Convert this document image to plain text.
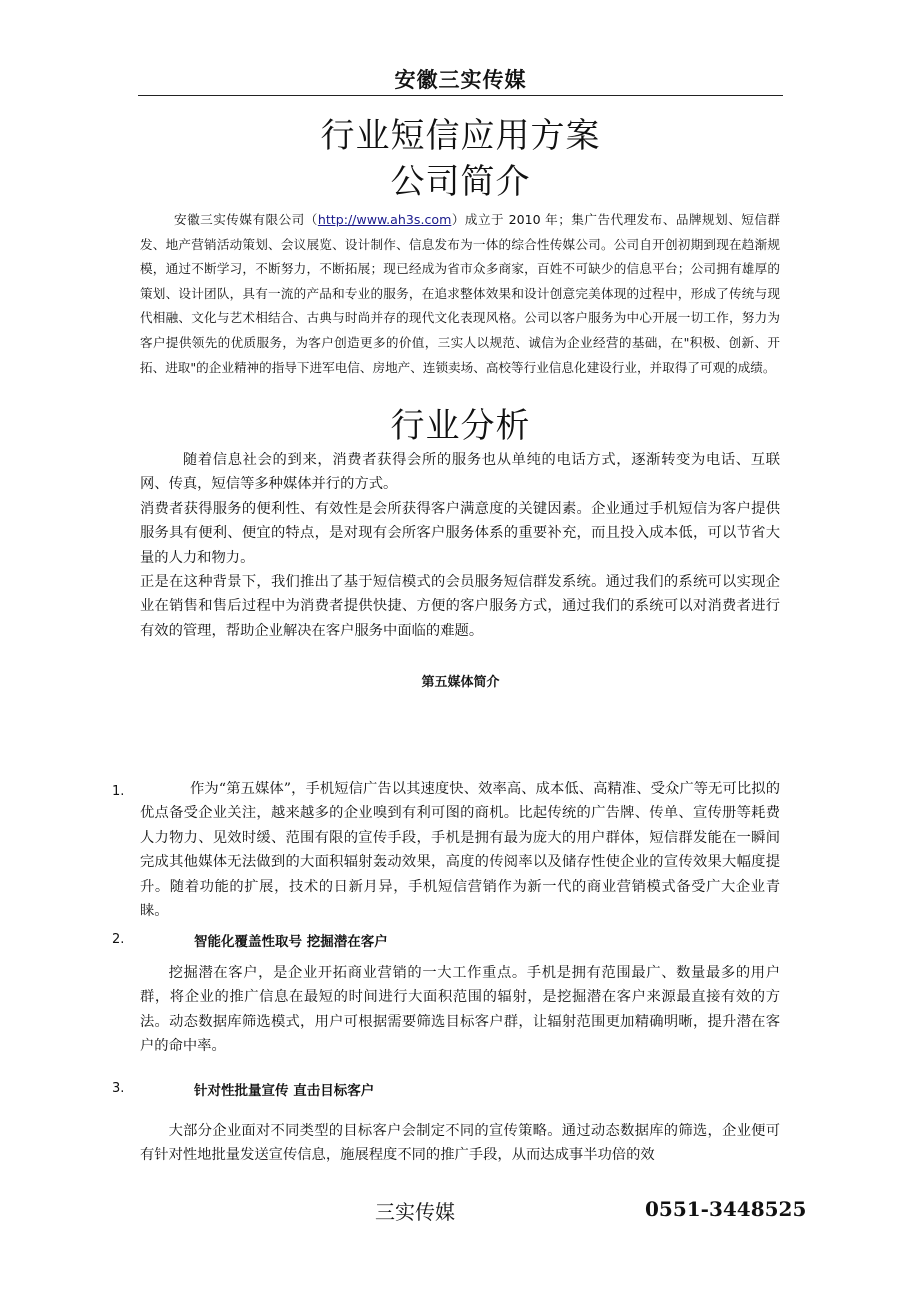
安徽三实传媒
行业短信应用方案
公司简介

安徽三实传媒有限公司（http://www.ah3s.com）成立于 2010 年；集广告代理发布、品牌规划、短信群发、地产营销活动策划、会议展览、设计制作、信息发布为一体的综合性传媒公司。公司自开创初期到现在趋渐规模，通过不断学习，不断努力，不断拓展；现已经成为省市众多商家，百姓不可缺少的信息平台；公司拥有雄厚的策划、设计团队，具有一流的产品和专业的服务，在追求整体效果和设计创意完美体现的过程中，形成了传统与现代相融、文化与艺术相结合、古典与时尚并存的现代文化表现风格。公司以客户服务为中心开展一切工作，努力为客户提供领先的优质服务，为客户创造更多的价值，三实人以规范、诚信为企业经营的基础，在"积极、创新、开拓、进取"的企业精神的指导下进军电信、房地产、连锁卖场、高校等行业信息化建设行业，并取得了可观的成绩。

行业分析

随着信息社会的到来，消费者获得会所的服务也从单纯的电话方式，逐渐转变为电话、互联网、传真，短信等多种媒体并行的方式。

消费者获得服务的便利性、有效性是会所获得客户满意度的关键因素。企业通过手机短信为客户提供服务具有便利、便宜的特点，是对现有会所客户服务体系的重要补充，而且投入成本低，可以节省大量的人力和物力。

正是在这种背景下，我们推出了基于短信模式的会员服务短信群发系统。通过我们的系统可以实现企业在销售和售后过程中为消费者提供快捷、方便的客户服务方式，通过我们的系统可以对消费者进行有效的管理，帮助企业解决在客户服务中面临的难题。

第五媒体简介
1.	作为“第五媒体”，手机短信广告以其速度快、效率高、成本低、高精准、受众广等无可比拟的优点备受企业关注，越来越多的企业嗅到有利可图的商机。比起传统的广告牌、传单、宣传册等耗费人力物力、见效时缓、范围有限的宣传手段，手机是拥有最为庞大的用户群体，短信群发能在一瞬间完成其他媒体无法做到的大面积辐射轰动效果，高度的传阅率以及储存性使企业的宣传效果大幅度提升。随着功能的扩展，技术的日新月异，手机短信营销作为新一代的商业营销模式备受广大企业青睐。

2.	智能化覆盖性取号 挖掘潜在客户

挖掘潜在客户，是企业开拓商业营销的一大工作重点。手机是拥有范围最广、数量最多的用户群，将企业的推广信息在最短的时间进行大面积范围的辐射，是挖掘潜在客户来源最直接有效的方法。动态数据库筛选模式，用户可根据需要筛选目标客户群，让辐射范围更加精确明晰，提升潜在客户的命中率。

3.	针对性批量宣传 直击目标客户

大部分企业面对不同类型的目标客户会制定不同的宣传策略。通过动态数据库的筛选，企业便可有针对性地批量发送宣传信息，施展程度不同的推广手段，从而达成事半功倍的效

三实传媒	0551-3448525
